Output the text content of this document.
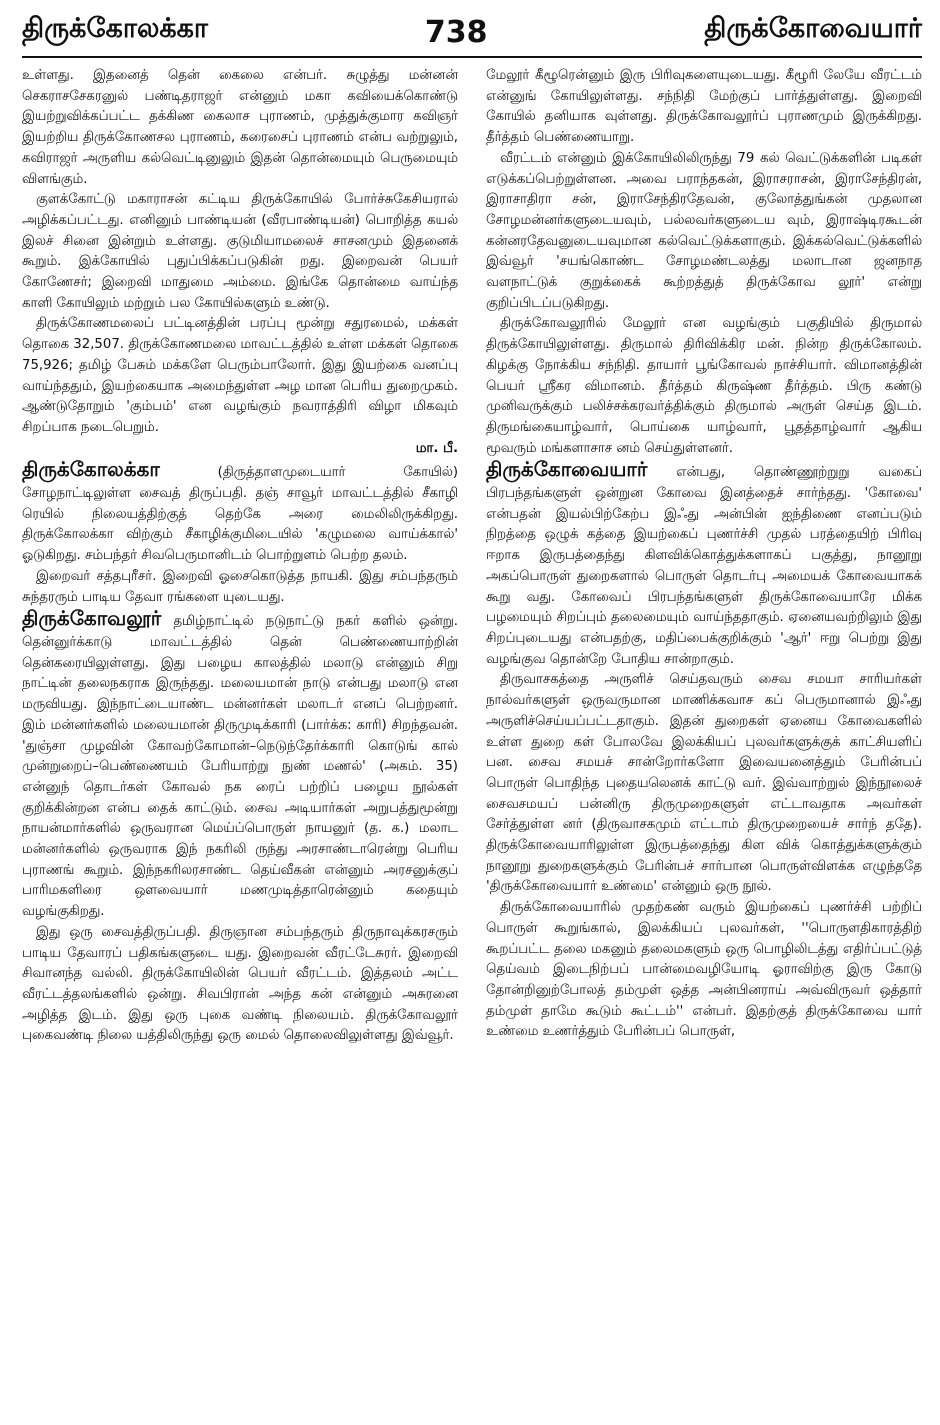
திருக்கோலக்கா	738	திருக்கோவையார்

உள்ளது. இதனைத் தென் கைலை என்பர். சுழுத்து மன்னன் செகராசசேகரனுல் பண்டிதராஜர் என்னும் மகா கவியைக்கொண்டு இயற்றுவிக்கப்பட்ட தக்கிண கைலாச புராணம், முத்துக்குமார கவிஞர் இயற்றிய திருக்கோணசல புராணம், கரைசைப் புராணம் என்ப வற்றுலும், கவிராஜர் அருளிய கல்வெட்டினுலும் இதன் தொன்மையும் பெருமையும் விளங்கும்.

குளக்கோட்டு மகாராசன் கட்டிய திருக்கோயில் போர்ச்சுகேசியரால் அழிக்கப்பட்டது. எனினும் பாண்டியன் (வீரபாண்டியன்) பொறித்த கயல் இலச் சினை இன்றும் உள்ளது. குடுமியாமலைச் சாசனமும் இதனைக் கூறும். இக்கோயில் புதுப்பிக்கப்படுகின் றது. இறைவன் பெயர் கோணேசர்; இறைவி மாதுமை அம்மை. இங்கே தொன்மை வாய்ந்த காளி கோயிலும் மற்றும் பல கோயில்களும் உண்டு.

திருக்கோணமலைப் பட்டினத்தின் பரப்பு மூன்று சதுரமைல், மக்கள் தொகை 32,507. திருக்கோணமலை மாவட்டத்தில் உள்ள மக்கள் தொகை 75,926; தமிழ் பேசும் மக்களே பெரும்பாலோர். இது இயற்கை வனப்பு வாய்ந்ததும், இயற்கையாக அமைந்துள்ள அழ மான பெரிய துறைமுகம். ஆண்டுதோறும் 'கும்பம்' என வழங்கும் நவராத்திரி விழா மிகவும் சிறப்பாக நடைபெறும்.
மா. பீ.

திருக்கோலக்கா	(திருத்தாளமுடையார் கோயில்) சோழநாட்டிலுள்ள சைவத் திருப்பதி. தஞ் சாவூர் மாவட்டத்தில் சீகாழி ரெயில் நிலையத்திற்குத் தெற்கே அரை மைலிலிருக்கிறது. திருக்கோலக்கா விற்கும் சீகாழிக்குமிடையில் 'கழுமலை வாய்க்கால்' ஓடுகிறது. சம்பந்தர் சிவபெருமானிடம் பொற்றுளம் பெற்ற தலம்.

இறைவர் சத்தபுரீசர். இறைவி ஓசைகொடுத்த நாயகி. இது சம்பந்தரும் சுந்தரரும் பாடிய தேவா ரங்களை யுடையது.

திருக்கோவலூர் தமிழ்நாட்டில் நடுநாட்டு நகர் களில் ஒன்று. தென்னுர்க்காடு மாவட்டத்தில் தென் பெண்ணையாற்றின் தென்கரையிலுள்ளது. இது பழைய காலத்தில் மலாடு என்னும் சிறு நாட்டின் தலைநகராக இருந்தது. மலையமான் நாடு என்பது மலாடு என மருவியது. இந்நாட்டையாண்ட மன்னர்கள் மலாடர் எனப் பெற்றனர். இம் மன்னர்களில் மலையமான் திருமுடிக்காரி (பார்க்க: காரி) சிறந்தவன். 'துஞ்சா முழவின் கோவற்கோமான்–நெடுந்தேர்க்காரி கொடுங் கால் முன்றுறைப்–பெண்ணையம் பேரியாற்று நுண் மணல்' (அகம். 35) என்னுந் தொடர்கள் கோவல் நக ரைப் பற்றிப் பழைய நூல்கள் குறிக்கின்றன என்ப தைக் காட்டும். சைவ அடியார்கள் அறுபத்துமூன்று நாயன்மார்களில் ஒருவரான மெய்ப்பொருள் நாயனுர் (த. க.) மலாட மன்னர்களில் ஒருவராக இந் நகரிலி ருந்து அரசாண்டாரென்று பெரிய புராணங் கூறும். இந்நகரிலரசாண்ட தெய்வீகன் என்னும் அரசனுக்குப் பாரிமகளிரை ஔவையார் மணமுடித்தாரென்னும் கதையும் வழங்குகிறது.

இது ஒரு சைவத்திருப்பதி. திருஞான சம்பந்தரும் திருநாவுக்கரசரும் பாடிய தேவாரப் பதிகங்களுடை யது. இறைவன் வீரட்டேசுரர். இறைவி சிவானந்த வல்லி. திருக்கோயிலின் பெயர் வீரட்டம். இத்தலம் அட்ட வீரட்டத்தலங்களில் ஒன்று. சிவபிரான் அந்த கன் என்னும் அசுரனை அழித்த இடம். இது ஒரு புகை வண்டி நிலையம். திருக்கோவலூர் புகைவண்டி நிலை யத்திலிருந்து ஒரு மைல் தொலைவிலுள்ளது இவ்வூர்.

மேலூர் கீழூரென்னும் இரு பிரிவுகளையுடையது. கீழூரி லேயே வீரட்டம் என்னுங் கோயிலுள்ளது. சந்நிதி மேற்குப் பார்த்துள்ளது. இறைவி கோயில் தனியாக வுள்ளது. திருக்கோவலூர்ப் புராணமும் இருக்கிறது. தீர்த்தம் பெண்ணையாறு.

வீரட்டம் என்னும் இக்கோயிலிலிருந்து 79 கல் வெட்டுக்களின் படிகள் எடுக்கப்பெற்றுள்ளன. அவை பராந்தகன், இராசராசன், இராசேந்திரன், இராசாதிரா சன், இராசேந்திரதேவன், குலோத்துங்கன் முதலான சோழமன்னர்களுடையவும், பல்லவர்களுடைய வும், இராஷ்டிரகூடன் கன்னரதேவனுடையவுமான கல்வெட்டுக்களாகும். இக்கல்வெட்டுக்களில் இவ்வூர் 'சயங்கொண்ட சோழமண்டலத்து மலாடான ஜனநாத வளநாட்டுக் குறுக்கைக் கூற்றத்துத் திருக்கோவ லூர்' என்று குறிப்பிடப்படுகிறது.

திருக்கோவலூரில் மேலூர் என வழங்கும் பகுதியில் திருமால் திருக்கோயிலுள்ளது. திருமால் திரிவிக்கிர மன். நின்ற திருக்கோலம். கிழக்கு நோக்கிய சந்நிதி. தாயார் பூங்கோவல் நாச்சியார். விமானத்தின் பெயர் ஸ்ரீகர விமானம். தீர்த்தம் கிருஷ்ண தீர்த்தம். பிரு கண்டு முனிவருக்கும் பலிச்சக்கரவர்த்திக்கும் திருமால் அருள் செய்த இடம். திருமங்கையாழ்வார், பொய்கை யாழ்வார், பூதத்தாழ்வார் ஆகிய மூவரும் மங்களாசாச னம் செய்துள்ளனர்.

திருக்கோவையார் என்பது, தொண்ணூற்றுறு வகைப் பிரபந்தங்களுள் ஒன்றுன கோவை இனத்தைச் சார்ந்தது. 'கோவை' என்பதன் இயல்பிற்கேற்ப இஃது அன்பின் ஐந்திணை எனப்படும் நிறத்தை ஒழுக் கத்தை இயற்கைப் புணர்ச்சி முதல் பரத்தையிற் பிரிவு ஈறாக இருபத்தைந்து கிளவிக்கொத்துக்களாகப் பகுத்து, நானூறு அகப்பொருள் துறைகளால் பொருள் தொடர்பு அமையக் கோவையாகக் கூறு வது. கோவைப் பிரபந்தங்களுள் திருக்கோவையாரே மிக்க பழமையும் சிறப்பும் தலைமையும் வாய்ந்ததாகும். ஏனையவற்றிலும் இது சிறப்புடையது என்பதற்கு, மதிப்பைக்குறிக்கும் 'ஆர்' ஈறு பெற்று இது வழங்குவ தொன்றே போதிய சான்றாகும்.

திருவாசகத்தை அருளிச் செய்தவரும் சைவ சமயா சாரியர்கள் நால்வர்களுள் ஒருவருமான மாணிக்கவாச கப் பெருமானால் இஃது அருளிச்செய்யப்பட்டதாகும். இதன் துறைகள் ஏனைய கோவைகளில் உள்ள துறை கள் போலவே இலக்கியப் புலவர்களுக்குக் காட்சியளிப் பன. சைவ சமயச் சான்றோர்களோ இவையனைத்தும் பேரின்பப் பொருள் பொதிந்த புதையலெனக் காட்டு வர். இவ்வாற்றுல் இந்நூலைச் சைவசமயப் பன்னிரு திருமுறைகளுள் எட்டாவதாக அவர்கள் சேர்த்துள்ள னர் (திருவாசகமும் எட்டாம் திருமுறையைச் சார்ந் ததே). திருக்கோவையாரிலுள்ள இருபத்தைந்து கிள விக் கொத்துக்களுக்கும் நானூறு துறைகளுக்கும் பேரின்பச் சார்பான பொருள்விளக்க எழுந்ததே 'திருக்கோவையார் உண்மை' என்னும் ஒரு நூல்.

திருக்கோவையாரில் முதற்கண் வரும் இயற்கைப் புணர்ச்சி பற்றிப் பொருள் கூறுங்கால், இலக்கியப் புலவர்கள், ''பொருளதிகாரத்திற் கூறப்பட்ட தலை மகனும் தலைமகளும் ஒரு பொழிலிடத்து எதிர்ப்பட்டுத் தெய்வம் இடைநிற்பப் பான்மைவழியோடி ஓராவிற்கு இரு கோடு தோன்றினுற்போலத் தம்முள் ஒத்த அன்பினராய் அவ்விருவர் ஒத்தார் தம்முள் தாமே கூடும் கூட்டம்'' என்பர். இதற்குத் திருக்கோவை யார் உண்மை உணர்த்தும் பேரின்பப் பொருள்,
